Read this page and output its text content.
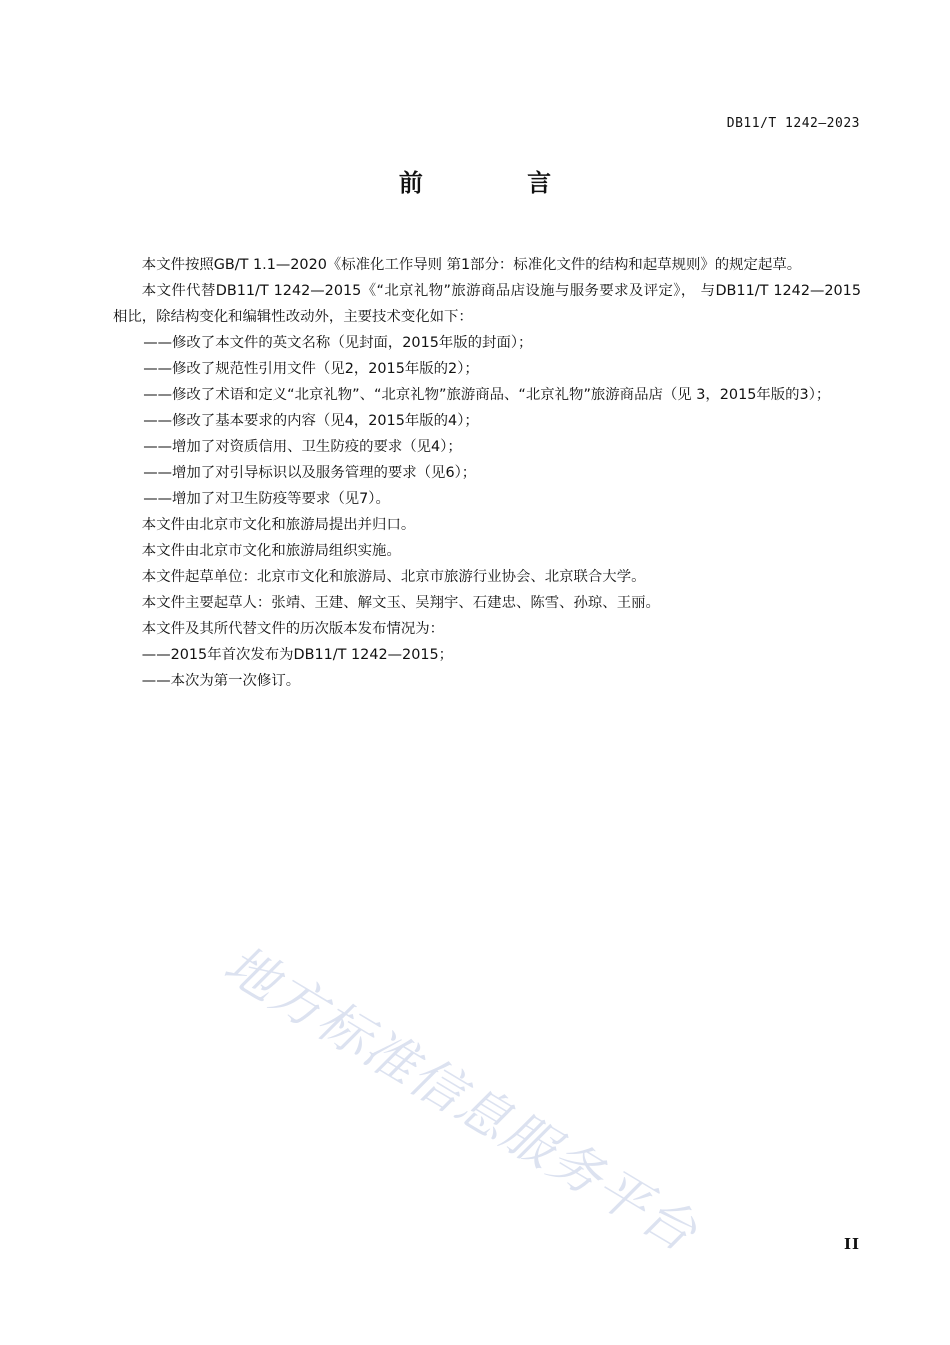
DB11/T 1242—2023
前 言

本文件按照GB/T 1.1—2020《标准化工作导则 第1部分：标准化文件的结构和起草规则》的规定起草。

本文件代替DB11/T 1242—2015《“北京礼物”旅游商品店设施与服务要求及评定》， 与DB11/T 1242—2015相比，除结构变化和编辑性改动外，主要技术变化如下：

——修改了本文件的英文名称（见封面，2015年版的封面）；

——修改了规范性引用文件（见2，2015年版的2）；

——修改了术语和定义“北京礼物”、“北京礼物”旅游商品、“北京礼物”旅游商品店（见 3，2015年版的3）；

——修改了基本要求的内容（见4，2015年版的4）；

——增加了对资质信用、卫生防疫的要求（见4）；

——增加了对引导标识以及服务管理的要求（见6）；

——增加了对卫生防疫等要求（见7）。

本文件由北京市文化和旅游局提出并归口。

本文件由北京市文化和旅游局组织实施。

本文件起草单位：北京市文化和旅游局、北京市旅游行业协会、北京联合大学。

本文件主要起草人：张靖、王建、解文玉、吴翔宇、石建忠、陈雪、孙琼、王丽。

本文件及其所代替文件的历次版本发布情况为：

——2015年首次发布为DB11/T 1242—2015；

——本次为第一次修订。

地方标准信息服务平台	II
